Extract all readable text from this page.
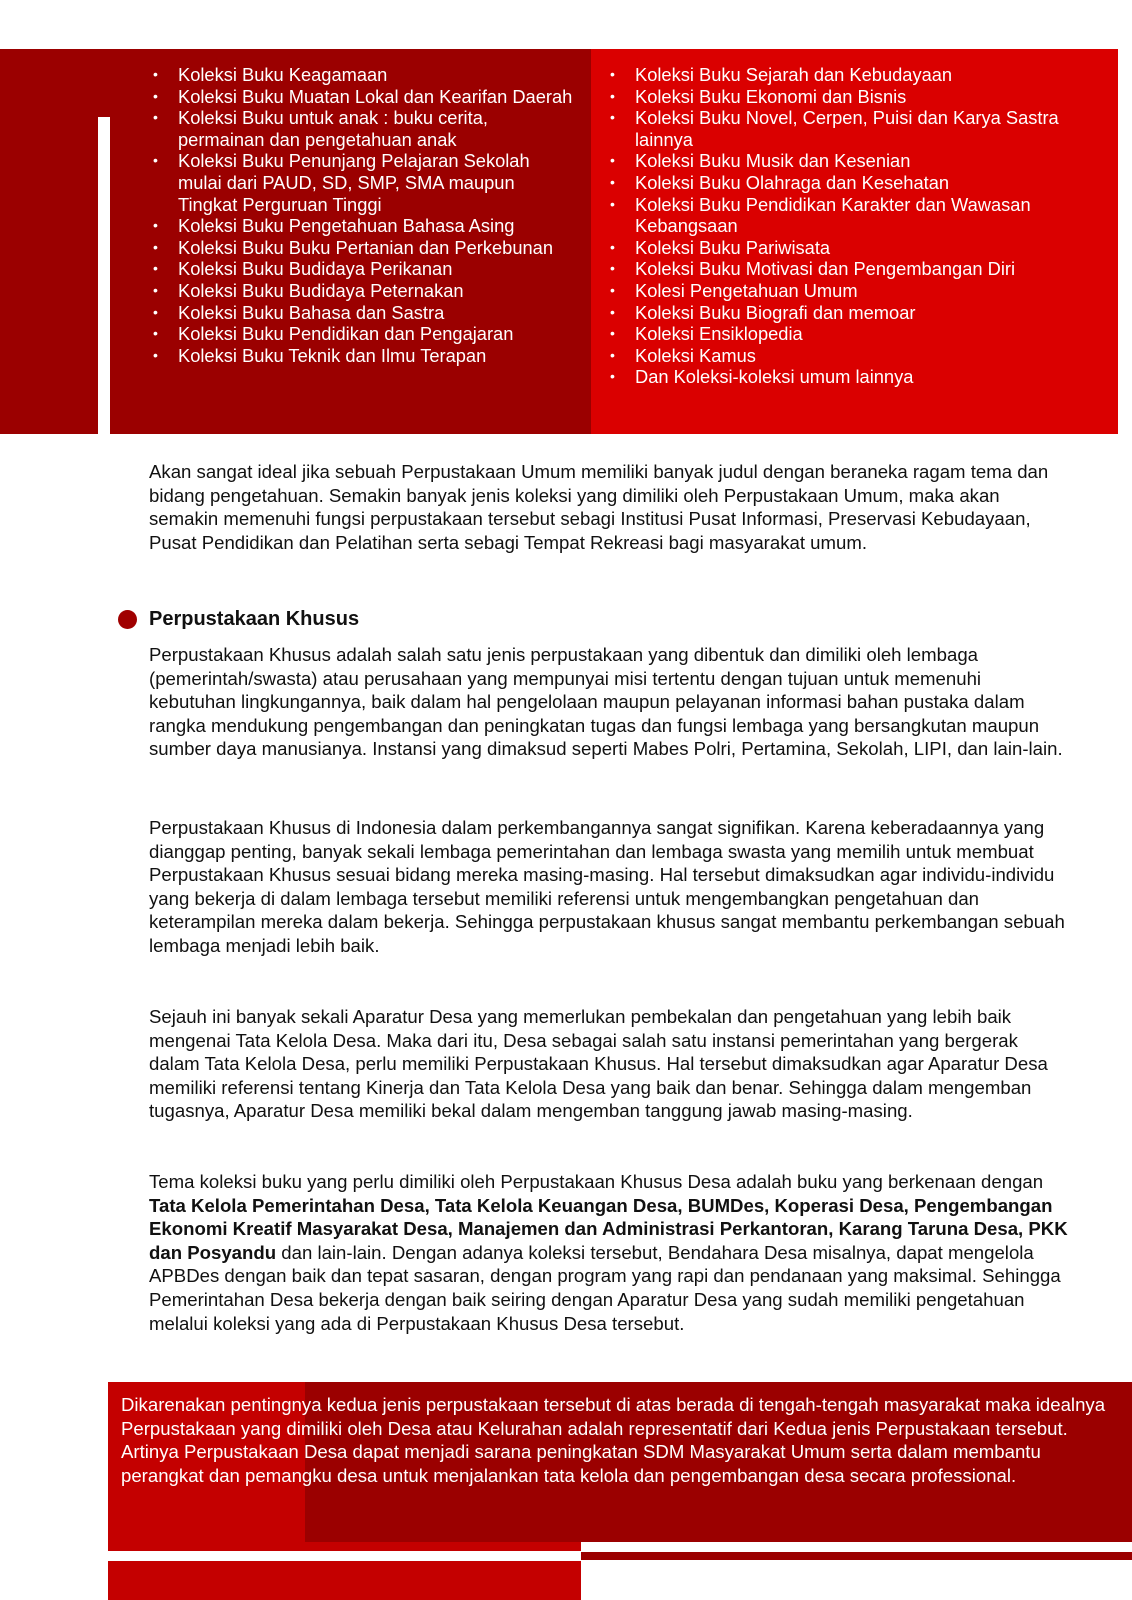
• Koleksi Buku Keagamaan
• Koleksi Buku Muatan Lokal dan Kearifan Daerah
• Koleksi Buku untuk anak : buku cerita, permainan dan pengetahuan anak
• Koleksi Buku Penunjang Pelajaran Sekolah mulai dari PAUD, SD, SMP, SMA maupun Tingkat Perguruan Tinggi
• Koleksi Buku Pengetahuan Bahasa Asing
• Koleksi Buku Buku Pertanian dan Perkebunan
• Koleksi Buku Budidaya Perikanan
• Koleksi Buku Budidaya Peternakan
• Koleksi Buku Bahasa dan Sastra
• Koleksi Buku Pendidikan dan Pengajaran
• Koleksi Buku Teknik dan Ilmu Terapan
• Koleksi Buku Sejarah dan Kebudayaan
• Koleksi Buku Ekonomi dan Bisnis
• Koleksi Buku Novel, Cerpen, Puisi dan Karya Sastra lainnya
• Koleksi Buku Musik dan Kesenian
• Koleksi Buku Olahraga dan Kesehatan
• Koleksi Buku Pendidikan Karakter dan Wawasan Kebangsaan
• Koleksi Buku Pariwisata
• Koleksi Buku Motivasi dan Pengembangan Diri
• Kolesi Pengetahuan Umum
• Koleksi Buku Biografi dan memoar
• Koleksi Ensiklopedia
• Koleksi Kamus
• Dan Koleksi-koleksi umum lainnya

Akan sangat ideal jika sebuah Perpustakaan Umum memiliki banyak judul dengan beraneka ragam tema dan bidang pengetahuan. Semakin banyak jenis koleksi yang dimiliki oleh Perpustakaan Umum, maka akan semakin memenuhi fungsi perpustakaan tersebut sebagi Institusi Pusat Informasi, Preservasi Kebudayaan, Pusat Pendidikan dan Pelatihan serta sebagi Tempat Rekreasi bagi masyarakat umum.

Perpustakaan Khusus

Perpustakaan Khusus adalah salah satu jenis perpustakaan yang dibentuk dan dimiliki oleh lembaga (pemerintah/swasta) atau perusahaan yang mempunyai misi tertentu dengan tujuan untuk memenuhi kebutuhan lingkungannya, baik dalam hal pengelolaan maupun pelayanan informasi bahan pustaka dalam rangka mendukung pengembangan dan peningkatan tugas dan fungsi lembaga yang bersangkutan maupun sumber daya manusianya. Instansi yang dimaksud seperti Mabes Polri, Pertamina, Sekolah, LIPI, dan lain-lain.

Perpustakaan Khusus di Indonesia dalam perkembangannya sangat signifikan. Karena keberadaannya yang dianggap penting, banyak sekali lembaga pemerintahan dan lembaga swasta yang memilih untuk membuat Perpustakaan Khusus sesuai bidang mereka masing-masing. Hal tersebut dimaksudkan agar individu-individu yang bekerja di dalam lembaga tersebut memiliki referensi untuk mengembangkan pengetahuan dan keterampilan mereka dalam bekerja. Sehingga perpustakaan khusus sangat membantu perkembangan sebuah lembaga menjadi lebih baik.

Sejauh ini banyak sekali Aparatur Desa yang memerlukan pembekalan dan pengetahuan yang lebih baik mengenai Tata Kelola Desa. Maka dari itu, Desa sebagai salah satu instansi pemerintahan yang bergerak dalam Tata Kelola Desa, perlu memiliki Perpustakaan Khusus. Hal tersebut dimaksudkan agar Aparatur Desa memiliki referensi tentang Kinerja dan Tata Kelola Desa yang baik dan benar. Sehingga dalam mengemban tugasnya, Aparatur Desa memiliki bekal dalam mengemban tanggung jawab masing-masing.

Tema koleksi buku yang perlu dimiliki oleh Perpustakaan Khusus Desa adalah buku yang berkenaan dengan Tata Kelola Pemerintahan Desa, Tata Kelola Keuangan Desa, BUMDes, Koperasi Desa, Pengembangan Ekonomi Kreatif Masyarakat Desa, Manajemen dan Administrasi Perkantoran, Karang Taruna Desa, PKK dan Posyandu dan lain-lain. Dengan adanya koleksi tersebut, Bendahara Desa misalnya, dapat mengelola APBDes dengan baik dan tepat sasaran, dengan program yang rapi dan pendanaan yang maksimal. Sehingga Pemerintahan Desa bekerja dengan baik seiring dengan Aparatur Desa yang sudah memiliki pengetahuan melalui koleksi yang ada di Perpustakaan Khusus Desa tersebut.

Dikarenakan pentingnya kedua jenis perpustakaan tersebut di atas berada di tengah-tengah masyarakat maka idealnya Perpustakaan yang dimiliki oleh Desa atau Kelurahan adalah representatif dari Kedua jenis Perpustakaan tersebut. Artinya Perpustakaan Desa dapat menjadi sarana peningkatan SDM Masyarakat Umum serta dalam membantu perangkat dan pemangku desa untuk menjalankan tata kelola dan pengembangan desa secara professional.
